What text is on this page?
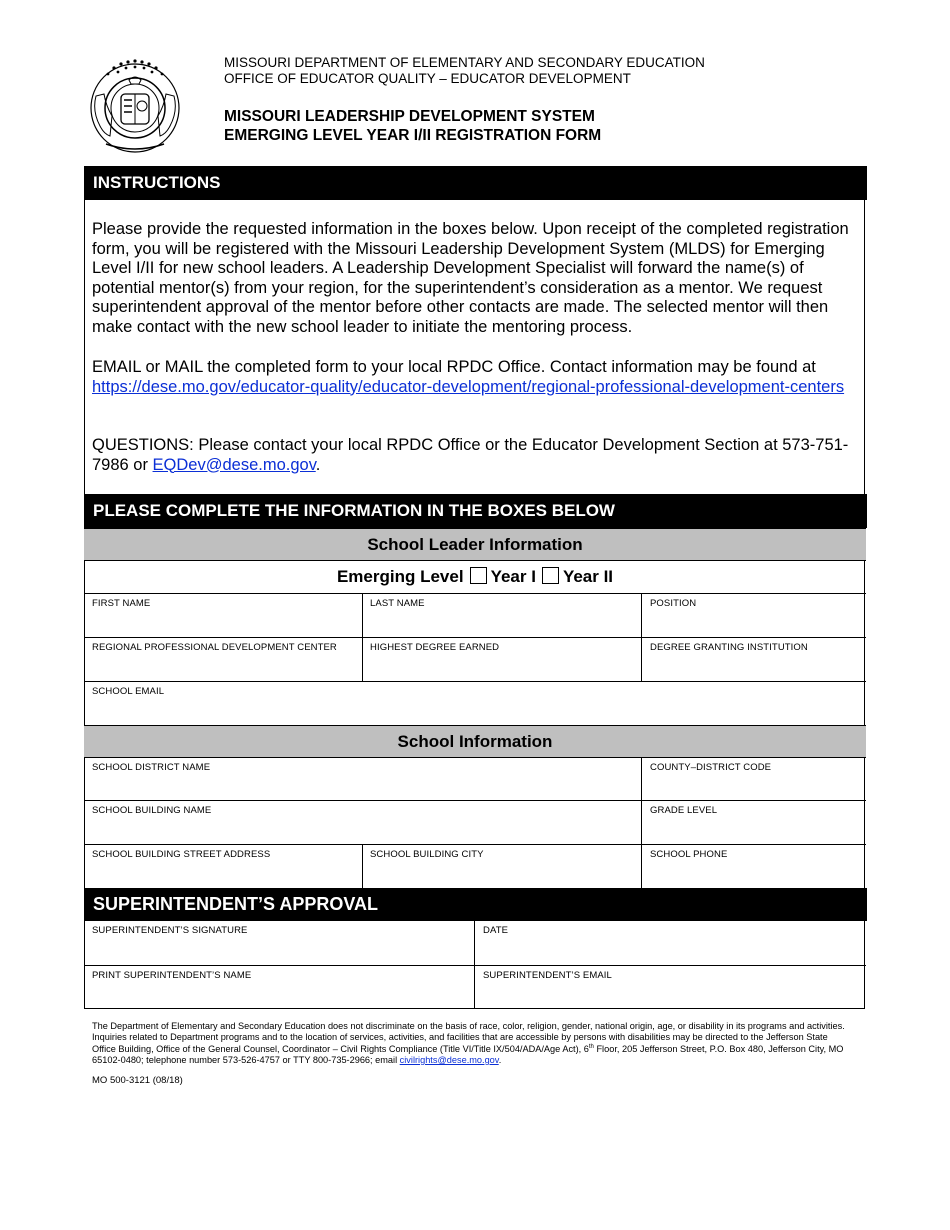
MISSOURI DEPARTMENT OF ELEMENTARY AND SECONDARY EDUCATION
OFFICE OF EDUCATOR QUALITY – EDUCATOR DEVELOPMENT
MISSOURI LEADERSHIP DEVELOPMENT SYSTEM
EMERGING LEVEL YEAR I/II REGISTRATION FORM
INSTRUCTIONS
Please provide the requested information in the boxes below. Upon receipt of the completed registration form, you will be registered with the Missouri Leadership Development System (MLDS) for Emerging Level I/II for new school leaders. A Leadership Development Specialist will forward the name(s) of potential mentor(s) from your region, for the superintendent’s consideration as a mentor. We request superintendent approval of the mentor before other contacts are made. The selected mentor will then make contact with the new school leader to initiate the mentoring process.
EMAIL or MAIL the completed form to your local RPDC Office. Contact information may be found at https://dese.mo.gov/educator-quality/educator-development/regional-professional-development-centers
QUESTIONS: Please contact your local RPDC Office or the Educator Development Section at 573-751-7986 or EQDev@dese.mo.gov.
PLEASE COMPLETE THE INFORMATION IN THE BOXES BELOW
School Leader Information
Emerging Level Year I Year II
FIRST NAME	LAST NAME	POSITION
REGIONAL PROFESSIONAL DEVELOPMENT CENTER	HIGHEST DEGREE EARNED	DEGREE GRANTING INSTITUTION
SCHOOL EMAIL
School Information
SCHOOL DISTRICT NAME	COUNTY–DISTRICT CODE
SCHOOL BUILDING NAME	GRADE LEVEL
SCHOOL BUILDING STREET ADDRESS	SCHOOL BUILDING CITY	SCHOOL PHONE
SUPERINTENDENT’S APPROVAL
SUPERINTENDENT’S SIGNATURE	DATE
PRINT SUPERINTENDENT’S NAME	SUPERINTENDENT’S EMAIL
The Department of Elementary and Secondary Education does not discriminate on the basis of race, color, religion, gender, national origin, age, or disability in its programs and activities. Inquiries related to Department programs and to the location of services, activities, and facilities that are accessible by persons with disabilities may be directed to the Jefferson State Office Building, Office of the General Counsel, Coordinator – Civil Rights Compliance (Title VI/Title IX/504/ADA/Age Act), 6th Floor, 205 Jefferson Street, P.O. Box 480, Jefferson City, MO 65102-0480; telephone number 573-526-4757 or TTY 800-735-2966; email civilrights@dese.mo.gov.
MO 500-3121 (08/18)
